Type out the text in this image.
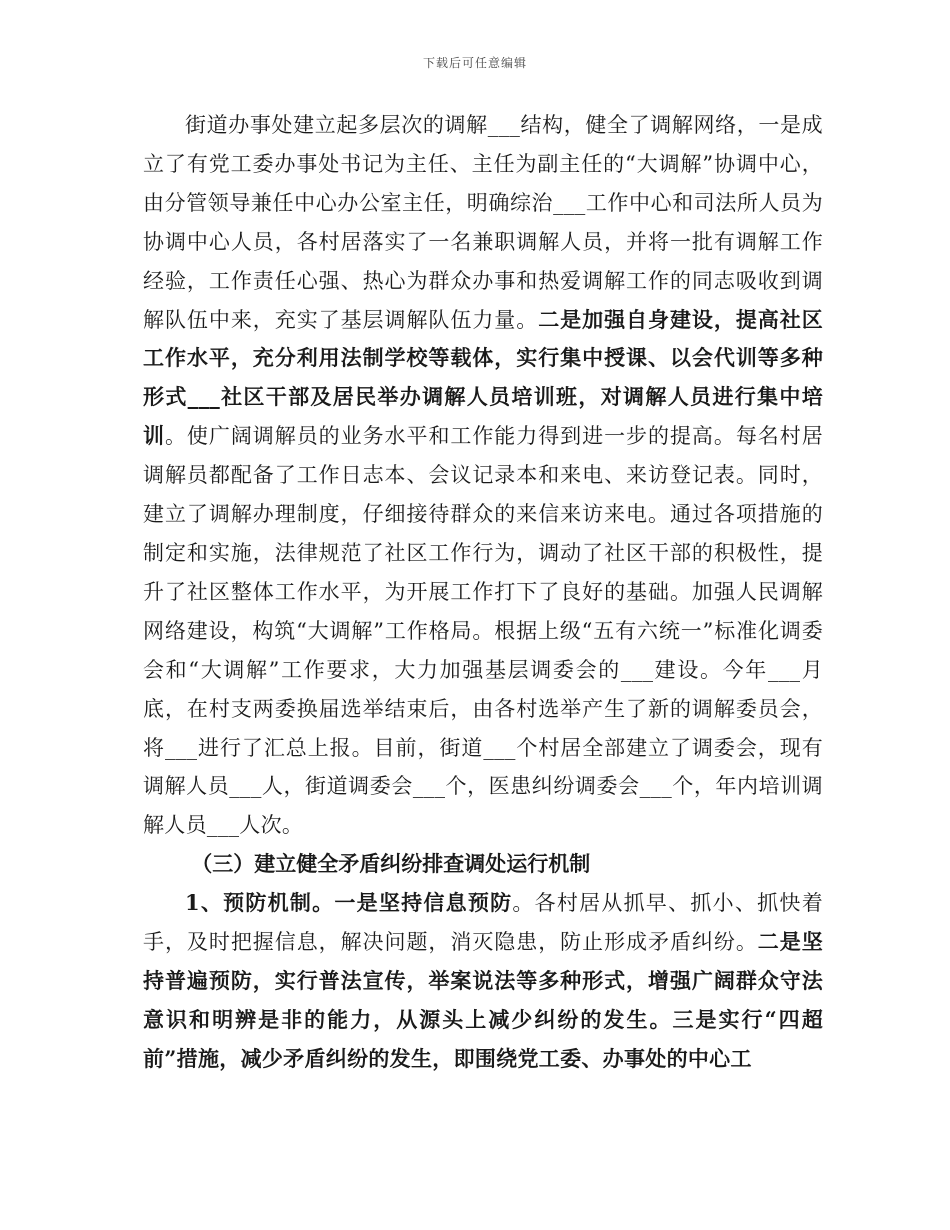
下载后可任意编辑

街道办事处建立起多层次的调解___结构，健全了调解网络，一是成立了有党工委办事处书记为主任、主任为副主任的“大调解”协调中心，由分管领导兼任中心办公室主任，明确综治___工作中心和司法所人员为协调中心人员，各村居落实了一名兼职调解人员，并将一批有调解工作经验，工作责任心强、热心为群众办事和热爱调解工作的同志吸收到调解队伍中来，充实了基层调解队伍力量。二是加强自身建设，提高社区工作水平，充分利用法制学校等载体，实行集中授课、以会代训等多种形式___社区干部及居民举办调解人员培训班，对调解人员进行集中培训。使广阔调解员的业务水平和工作能力得到进一步的提高。每名村居调解员都配备了工作日志本、会议记录本和来电、来访登记表。同时，建立了调解办理制度，仔细接待群众的来信来访来电。通过各项措施的制定和实施，法律规范了社区工作行为，调动了社区干部的积极性，提升了社区整体工作水平，为开展工作打下了良好的基础。加强人民调解网络建设，构筑“大调解”工作格局。根据上级“五有六统一”标准化调委会和“大调解”工作要求，大力加强基层调委会的___建设。今年___月底，在村支两委换届选举结束后，由各村选举产生了新的调解委员会，将___进行了汇总上报。目前，街道___个村居全部建立了调委会，现有调解人员___人，街道调委会___个，医患纠纷调委会___个，年内培训调解人员___人次。

（三）建立健全矛盾纠纷排查调处运行机制

1、预防机制。一是坚持信息预防。各村居从抓早、抓小、抓快着手，及时把握信息，解决问题，消灭隐患，防止形成矛盾纠纷。二是坚持普遍预防，实行普法宣传，举案说法等多种形式，增强广阔群众守法意识和明辨是非的能力，从源头上减少纠纷的发生。三是实行“四超前”措施，减少矛盾纠纷的发生，即围绕党工委、办事处的中心工
